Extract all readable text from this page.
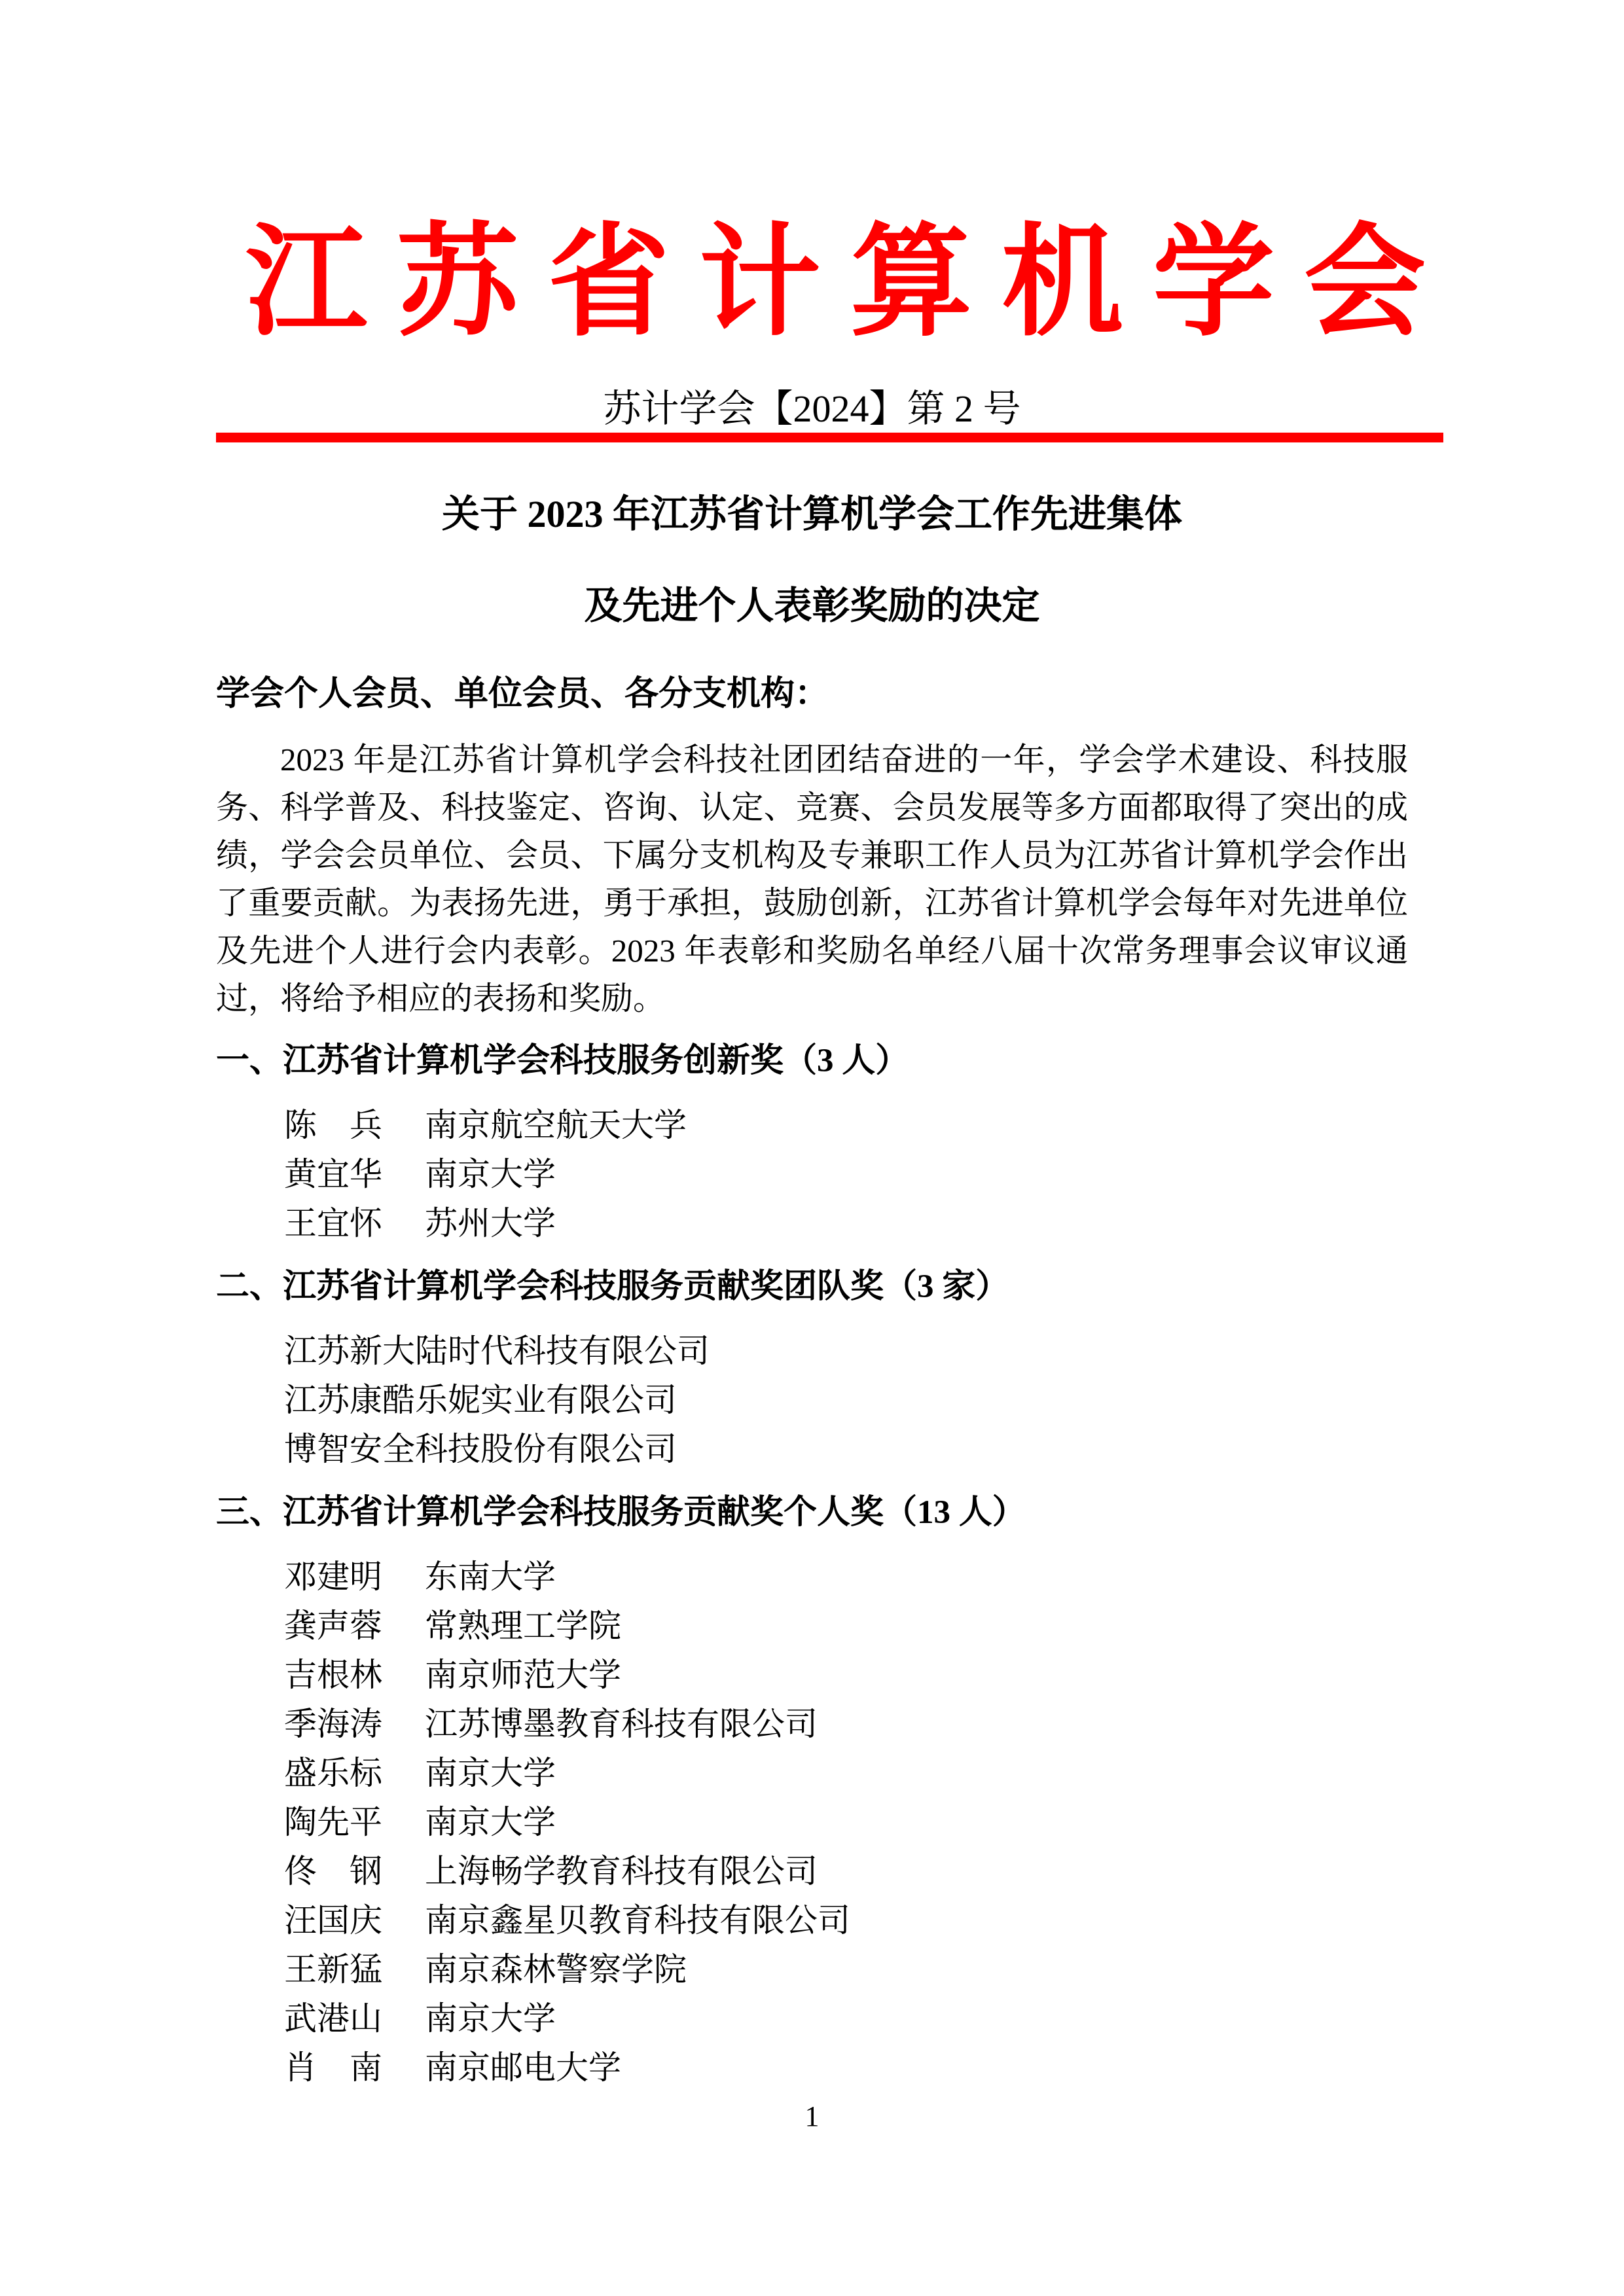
江苏省计算机学会
苏计学会【2024】第 2 号
关于 2023 年江苏省计算机学会工作先进集体
及先进个人表彰奖励的决定
学会个人会员、单位会员、各分支机构：

2023 年是江苏省计算机学会科技社团团结奋进的一年，学会学术建设、科技服务、科学普及、科技鉴定、咨询、认定、竞赛、会员发展等多方面都取得了突出的成绩，学会会员单位、会员、下属分支机构及专兼职工作人员为江苏省计算机学会作出了重要贡献。为表扬先进，勇于承担，鼓励创新，江苏省计算机学会每年对先进单位及先进个人进行会内表彰。2023 年表彰和奖励名单经八届十次常务理事会议审议通过，将给予相应的表扬和奖励。

一、江苏省计算机学会科技服务创新奖（3 人）
陈　兵 南京航空航天大学
黄宜华 南京大学
王宜怀 苏州大学
二、江苏省计算机学会科技服务贡献奖团队奖（3 家）
江苏新大陆时代科技有限公司
江苏康酷乐妮实业有限公司
博智安全科技股份有限公司
三、江苏省计算机学会科技服务贡献奖个人奖（13 人）
邓建明 东南大学
龚声蓉 常熟理工学院
吉根林 南京师范大学
季海涛 江苏博墨教育科技有限公司
盛乐标 南京大学
陶先平 南京大学
佟　钢 上海畅学教育科技有限公司
汪国庆 南京鑫星贝教育科技有限公司
王新猛 南京森林警察学院
武港山 南京大学
肖　南 南京邮电大学
1
